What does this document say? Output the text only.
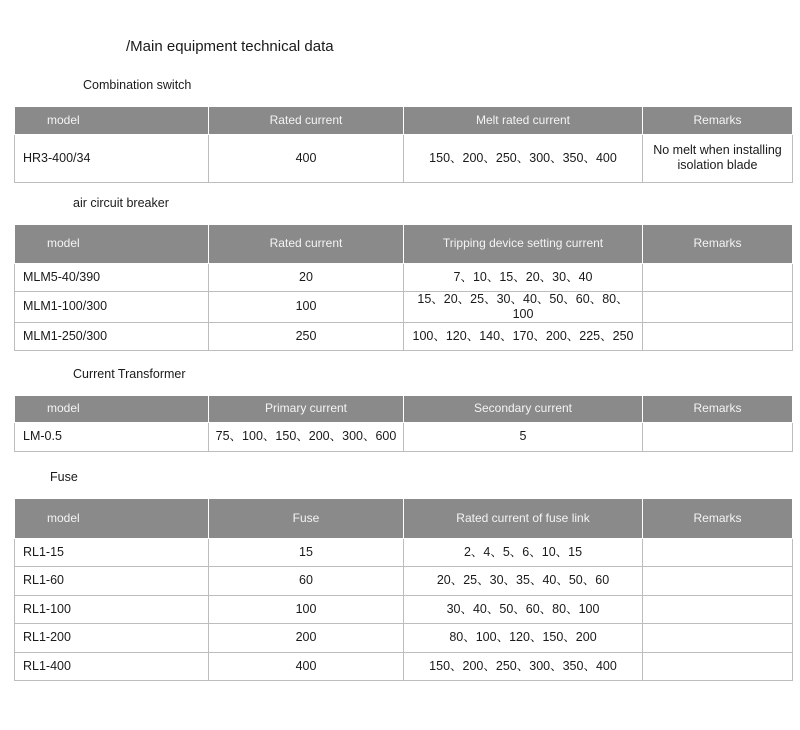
/Main equipment technical data
Combination switch
model	Rated current	Melt rated current	Remarks
HR3-400/34	400	150、200、250、300、350、400	No melt when installing isolation blade
air circuit breaker
model	Rated current	Tripping device setting current	Remarks
MLM5-40/390	20	7、10、15、20、30、40	
MLM1-100/300	100	15、20、25、30、40、50、60、80、100	
MLM1-250/300	250	100、120、140、170、200、225、250	
Current Transformer
model	Primary current	Secondary current	Remarks
LM-0.5	75、100、150、200、300、600	5	
Fuse
model	Fuse	Rated current of fuse link	Remarks
RL1-15	15	2、4、5、6、10、15	
RL1-60	60	20、25、30、35、40、50、60	
RL1-100	100	30、40、50、60、80、100	
RL1-200	200	80、100、120、150、200	
RL1-400	400	150、200、250、300、350、400	
